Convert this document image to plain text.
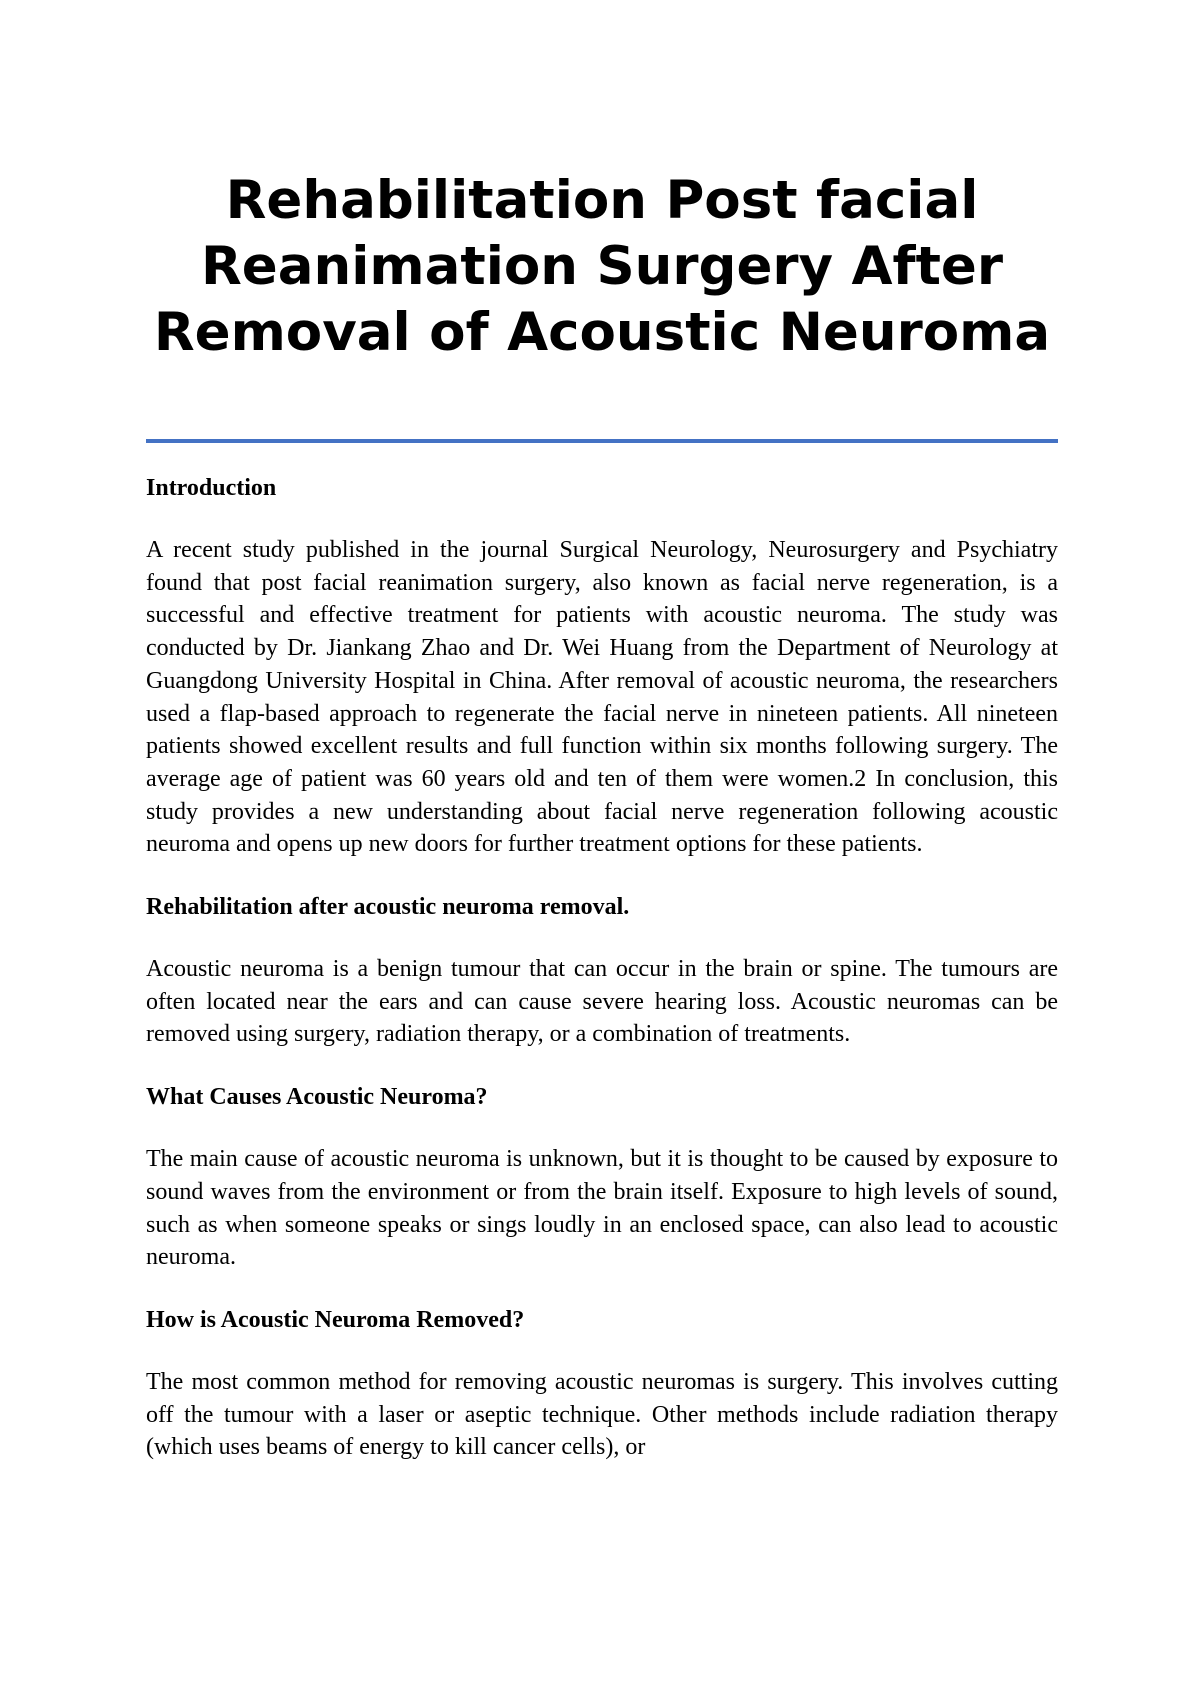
Rehabilitation Post facial Reanimation Surgery After Removal of Acoustic Neuroma

Introduction

A recent study published in the journal Surgical Neurology, Neurosurgery and Psychiatry found that post facial reanimation surgery, also known as facial nerve regeneration, is a successful and effective treatment for patients with acoustic neuroma. The study was conducted by Dr. Jiankang Zhao and Dr. Wei Huang from the Department of Neurology at Guangdong University Hospital in China. After removal of acoustic neuroma, the researchers used a flap-based approach to regenerate the facial nerve in nineteen patients. All nineteen patients showed excellent results and full function within six months following surgery. The average age of patient was 60 years old and ten of them were women.2 In conclusion, this study provides a new understanding about facial nerve regeneration following acoustic neuroma and opens up new doors for further treatment options for these patients.

Rehabilitation after acoustic neuroma removal.

Acoustic neuroma is a benign tumour that can occur in the brain or spine. The tumours are often located near the ears and can cause severe hearing loss. Acoustic neuromas can be removed using surgery, radiation therapy, or a combination of treatments.

What Causes Acoustic Neuroma?

The main cause of acoustic neuroma is unknown, but it is thought to be caused by exposure to sound waves from the environment or from the brain itself. Exposure to high levels of sound, such as when someone speaks or sings loudly in an enclosed space, can also lead to acoustic neuroma.

How is Acoustic Neuroma Removed?

The most common method for removing acoustic neuromas is surgery. This involves cutting off the tumour with a laser or aseptic technique. Other methods include radiation therapy (which uses beams of energy to kill cancer cells), or
